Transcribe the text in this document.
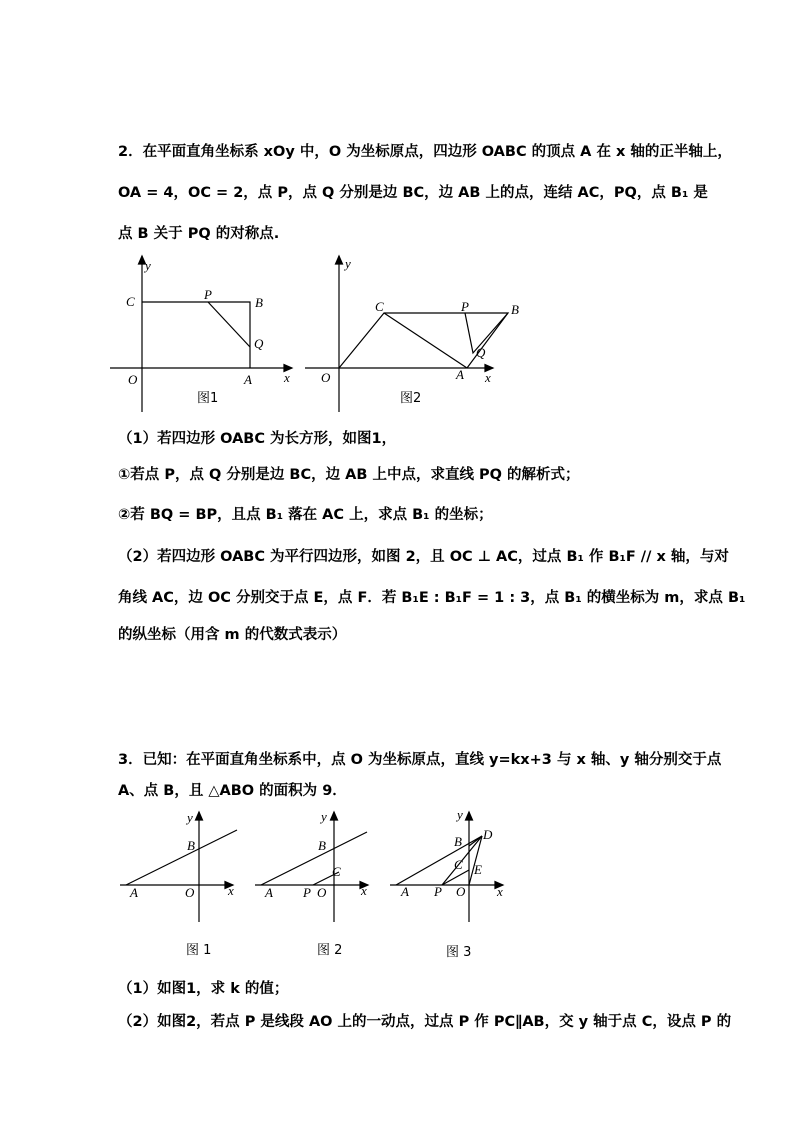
2．在平面直角坐标系 xOy 中，O 为坐标原点，四边形 OABC 的顶点 A 在 x 轴的正半轴上，
OA = 4，OC = 2，点 P，点 Q 分别是边 BC，边 AB 上的点，连结 AC，PQ，点 B₁ 是
点 B 关于 PQ 的对称点.
y
x
O	A
B
C	P
Q
图1
y
x
O	A
B
C	P
Q
图2
（1）若四边形 OABC 为长方形，如图1，
①若点 P，点 Q 分别是边 BC，边 AB 上中点，求直线 PQ 的解析式；
②若 BQ = BP，且点 B₁ 落在 AC 上，求点 B₁ 的坐标；
（2）若四边形 OABC 为平行四边形，如图 2，且 OC ⊥ AC，过点 B₁ 作 B₁F // x 轴，与对
角线 AC，边 OC 分别交于点 E，点 F．若 B₁E : B₁F = 1 : 3，点 B₁ 的横坐标为 m，求点 B₁
的纵坐标（用含 m 的代数式表示）
3．已知：在平面直角坐标系中，点 O 为坐标原点，直线 y=kx+3 与 x 轴、y 轴分别交于点
A、点 B，且 △ABO 的面积为 9．
y
x
O
A
B
图 1
y
x
O
A
B
C
P
图 2
y
x
O
A
B
C
P
D
E
图 3
（1）如图1，求 k 的值；
（2）如图2，若点 P 是线段 AO 上的一动点，过点 P 作 PC∥AB，交 y 轴于点 C，设点 P 的
